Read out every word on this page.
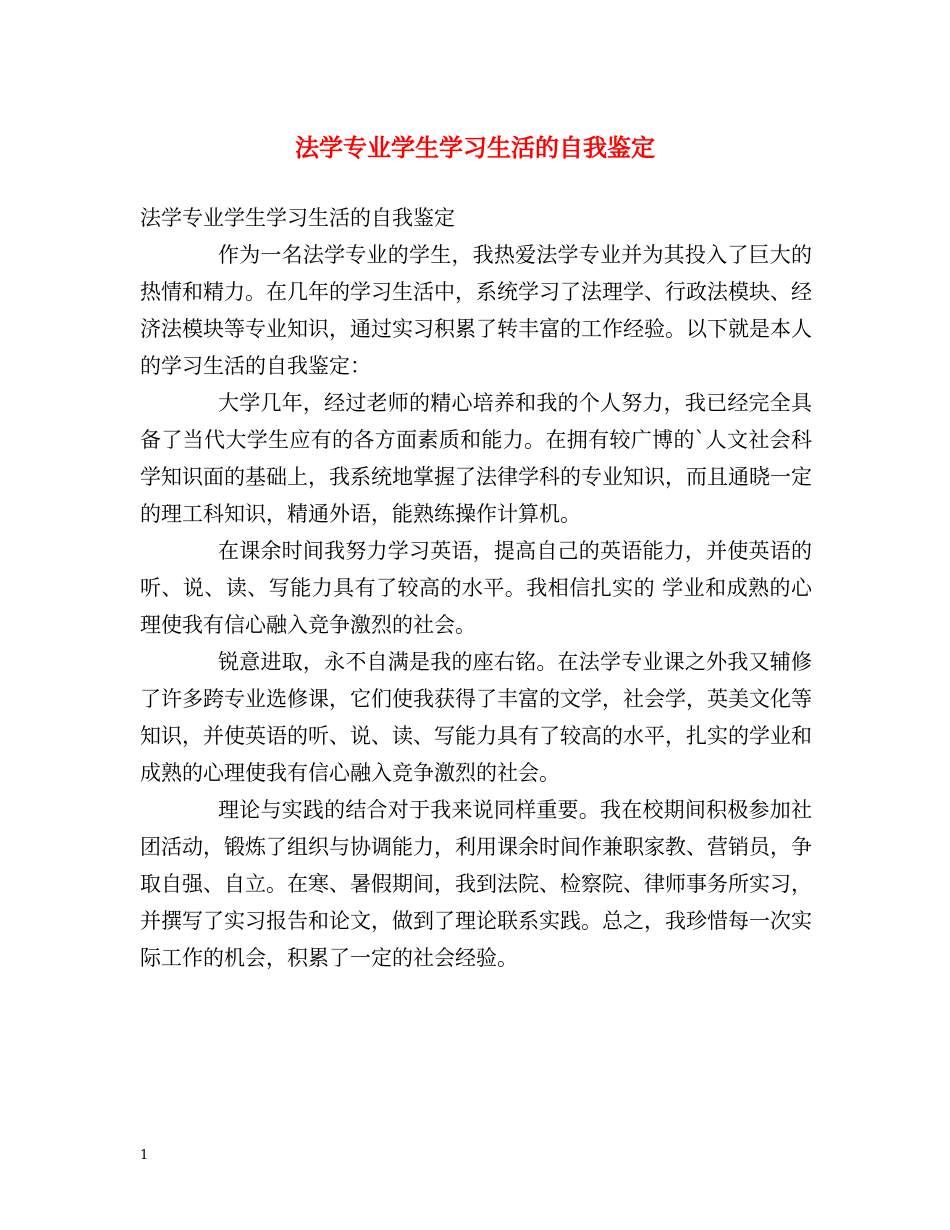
法学专业学生学习生活的自我鉴定

法学专业学生学习生活的自我鉴定

作为一名法学专业的学生，我热爱法学专业并为其投入了巨大的热情和精力。在几年的学习生活中，系统学习了法理学、行政法模块、经济法模块等专业知识，通过实习积累了转丰富的工作经验。以下就是本人的学习生活的自我鉴定：

大学几年，经过老师的精心培养和我的个人努力，我已经完全具备了当代大学生应有的各方面素质和能力。在拥有较广博的`人文社会科学知识面的基础上，我系统地掌握了法律学科的专业知识，而且通晓一定的理工科知识，精通外语，能熟练操作计算机。

在课余时间我努力学习英语，提高自己的英语能力，并使英语的听、说、读、写能力具有了较高的水平。我相信扎实的 学业和成熟的心理使我有信心融入竞争激烈的社会。

锐意进取，永不自满是我的座右铭。在法学专业课之外我又辅修了许多跨专业选修课，它们使我获得了丰富的文学，社会学，英美文化等知识，并使英语的听、说、读、写能力具有了较高的水平，扎实的学业和成熟的心理使我有信心融入竞争激烈的社会。

理论与实践的结合对于我来说同样重要。我在校期间积极参加社团活动，锻炼了组织与协调能力，利用课余时间作兼职家教、营销员，争取自强、自立。在寒、暑假期间，我到法院、检察院、律师事务所实习，并撰写了实习报告和论文，做到了理论联系实践。总之，我珍惜每一次实际工作的机会，积累了一定的社会经验。

1
